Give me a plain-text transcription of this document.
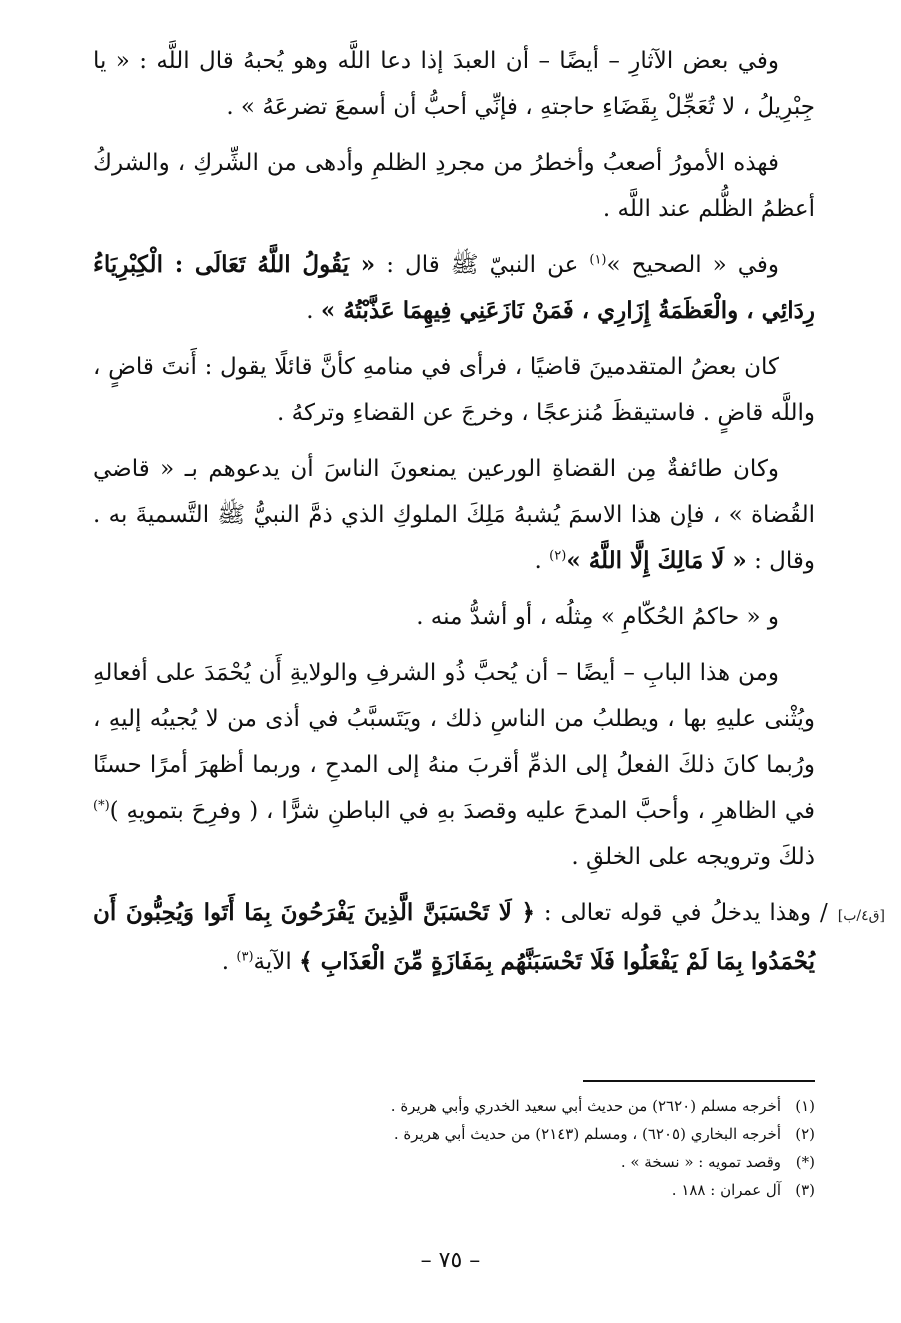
وفي بعض الآثارِ – أيضًا – أن العبدَ إذا دعا اللَّه وهو يُحبهُ قال اللَّه : « يا جِبْرِيلُ ، لا تُعَجِّلْ بِقَضَاءِ حاجتهِ ، فإنِّي أحبُّ أن أسمعَ تضرعَهُ » .

فهذه الأمورُ أصعبُ وأخطرُ من مجردِ الظلمِ وأدهى من الشِّركِ ، والشركُ أعظمُ الظُّلم عند اللَّه .

وفي « الصحيح »$^{(١)}$ عن النبيّ ﷺ قال : « يَقُولُ اللَّهُ تَعَالَى : الْكِبْرِيَاءُ رِدَائِي ، والْعَظَمَةُ إِزَارِي ، فَمَنْ نَازَعَنِي فِيهِمَا عَذَّبْتُهُ » .

كان بعضُ المتقدمينَ قاضيًا ، فرأى في منامهِ كأنَّ قائلًا يقول : أَنتَ قاضٍ ، واللَّه قاضٍ . فاستيقظَ مُنزعجًا ، وخرجَ عن القضاءِ وتركهُ .

وكان طائفةٌ مِن القضاةِ الورعين يمنعونَ الناسَ أن يدعوهم بـ « قاضي القُضاة » ، فإن هذا الاسمَ يُشبهُ مَلِكَ الملوكِ الذي ذمَّ النبيُّ ﷺ التَّسميةَ به . وقال : « لَا مَالِكَ إِلَّا اللَّهُ »$^{(٢)}$ .

و « حاكمُ الحُكّامِ » مِثلُه ، أو أشدُّ منه .

ومن هذا البابِ – أيضًا – أن يُحبَّ ذُو الشرفِ والولايةِ أَن يُحْمَدَ على أفعالهِ ويُثْنى عليهِ بها ، ويطلبُ من الناسِ ذلك ، ويَتَسبَّبُ في أذى من لا يُجيبُه إليهِ ، ورُبما كانَ ذلكَ الفعلُ إلى الذمِّ أقربَ منهُ إلى المدحِ ، وربما أظهرَ أمرًا حسنًا في الظاهرِ ، وأحبَّ المدحَ عليه وقصدَ بهِ في الباطنِ شرًّا ، ( وفرِحَ بتمويهِ )(*) ذلكَ وترويجه على الخلقِ .

[ق٤/ب]/ وهذا يدخلُ في قوله تعالى : ﴿ لَا تَحْسَبَنَّ الَّذِينَ يَفْرَحُونَ بِمَا أَتَوا وَيُحِبُّونَ أَن يُحْمَدُوا بِمَا لَمْ يَفْعَلُوا فَلَا تَحْسَبَنَّهُم بِمَفَازَةٍ مِّنَ الْعَذَابِ ﴾ الآية$^{(٣)}$ .

(١)أخرجه مسلم (٢٦٢٠) من حديث أبي سعيد الخدري وأبي هريرة .

(٢)أخرجه البخاري (٦٢٠٥) ، ومسلم (٢١٤٣) من حديث أبي هريرة .

(*)وقصد تمويه : « نسخة » .

(٣)آل عمران : ١٨٨ .

– ٧٥ –
